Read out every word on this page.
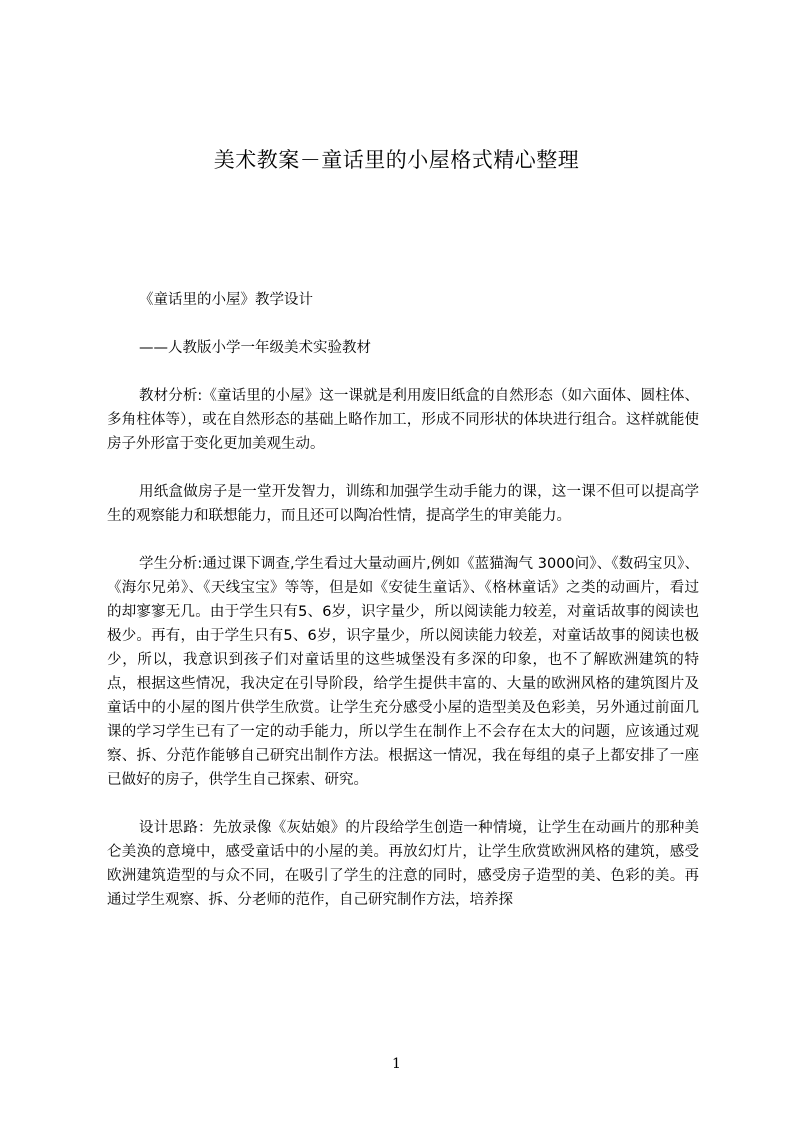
美术教案－童话里的小屋格式精心整理

《童话里的小屋》教学设计

——人教版小学一年级美术实验教材

教材分析:《童话里的小屋》这一课就是利用废旧纸盒的自然形态（如六面体、圆柱体、多角柱体等），或在自然形态的基础上略作加工，形成不同形状的体块进行组合。这样就能使房子外形富于变化更加美观生动。

用纸盒做房子是一堂开发智力，训练和加强学生动手能力的课，这一课不但可以提高学生的观察能力和联想能力，而且还可以陶冶性情，提高学生的审美能力。

学生分析:通过课下调查,学生看过大量动画片,例如《蓝猫淘气 3000问》、《数码宝贝》、《海尔兄弟》、《天线宝宝》等等，但是如《安徒生童话》、《格林童话》之类的动画片，看过的却寥寥无几。由于学生只有5、6岁，识字量少，所以阅读能力较差，对童话故事的阅读也极少。再有，由于学生只有5、6岁，识字量少，所以阅读能力较差，对童话故事的阅读也极少，所以，我意识到孩子们对童话里的这些城堡没有多深的印象，也不了解欧洲建筑的特点，根据这些情况，我决定在引导阶段，给学生提供丰富的、大量的欧洲风格的建筑图片及童话中的小屋的图片供学生欣赏。让学生充分感受小屋的造型美及色彩美，另外通过前面几课的学习学生已有了一定的动手能力，所以学生在制作上不会存在太大的问题，应该通过观察、拆、分范作能够自己研究出制作方法。根据这一情况，我在每组的桌子上都安排了一座已做好的房子，供学生自己探索、研究。

设计思路：先放录像《灰姑娘》的片段给学生创造一种情境，让学生在动画片的那种美仑美涣的意境中，感受童话中的小屋的美。再放幻灯片，让学生欣赏欧洲风格的建筑，感受欧洲建筑造型的与众不同，在吸引了学生的注意的同时，感受房子造型的美、色彩的美。再通过学生观察、拆、分老师的范作，自己研究制作方法，培养探

1
